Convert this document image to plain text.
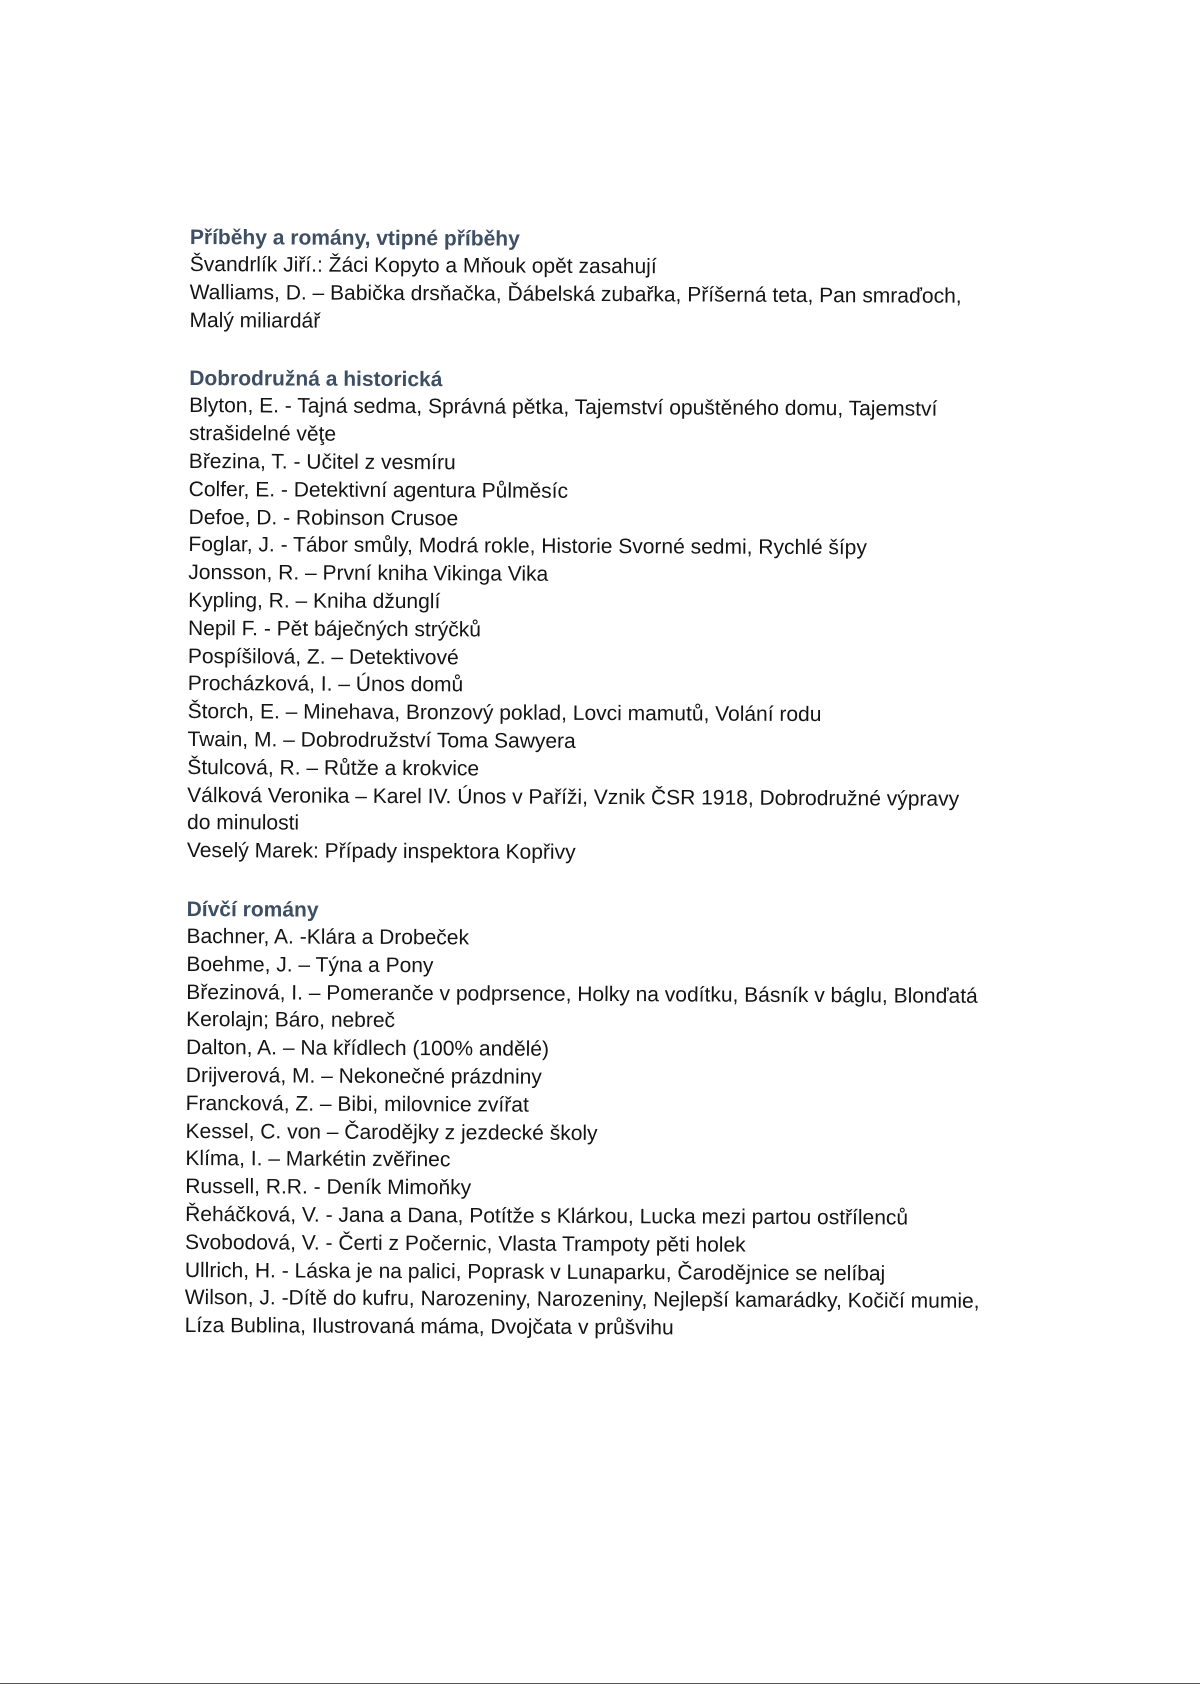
Příběhy a romány, vtipné příběhy
Švandrlík Jiří.: Žáci Kopyto a Mňouk opět zasahují
Walliams, D. – Babička drsňačka, Ďábelská zubařka, Příšerná teta, Pan smraďoch, Malý miliardář
Dobrodružná a historická
Blyton, E. - Tajná sedma, Správná pětka, Tajemství opuštěného domu, Tajemství strašidelné věţe
Březina, T. - Učitel z vesmíru
Colfer, E. - Detektivní agentura Půlměsíc
Defoe, D. - Robinson Crusoe
Foglar, J. - Tábor smůly, Modrá rokle, Historie Svorné sedmi, Rychlé šípy
Jonsson, R. – První kniha Vikinga Vika
Kypling, R. – Kniha džunglí
Nepil F. - Pět báječných strýčků
Pospíšilová, Z. – Detektivové
Procházková, I. – Únos domů
Štorch, E. – Minehava, Bronzový poklad, Lovci mamutů, Volání rodu
Twain, M. – Dobrodružství Toma Sawyera
Štulcová, R. – Růtže a krokvice
Válková Veronika – Karel IV. Únos v Paříži, Vznik ČSR 1918, Dobrodružné výpravy do minulosti
Veselý Marek: Případy inspektora Kopřivy
Dívčí romány
Bachner, A. -Klára a Drobeček
Boehme, J. – Týna a Pony
Březinová, I. – Pomeranče v podprsence, Holky na vodítku, Básník v báglu, Blonďatá Kerolajn; Báro, nebreč
Dalton, A. – Na křídlech (100% andělé)
Drijverová, M. – Nekonečné prázdniny
Francková, Z. – Bibi, milovnice zvířat
Kessel, C. von – Čarodějky z jezdecké školy
Klíma, I. – Markétin zvěřinec
Russell, R.R. - Deník Mimoňky
Řeháčková, V. - Jana a Dana, Potítže s Klárkou, Lucka mezi partou ostřílenců
Svobodová, V. - Čerti z Počernic, Vlasta Trampoty pěti holek
Ullrich, H. - Láska je na palici, Poprask v Lunaparku, Čarodějnice se nelíbaj
Wilson, J. -Dítě do kufru, Narozeniny, Narozeniny, Nejlepší kamarádky, Kočičí mumie, Líza Bublina, Ilustrovaná máma, Dvojčata v průšvihu
